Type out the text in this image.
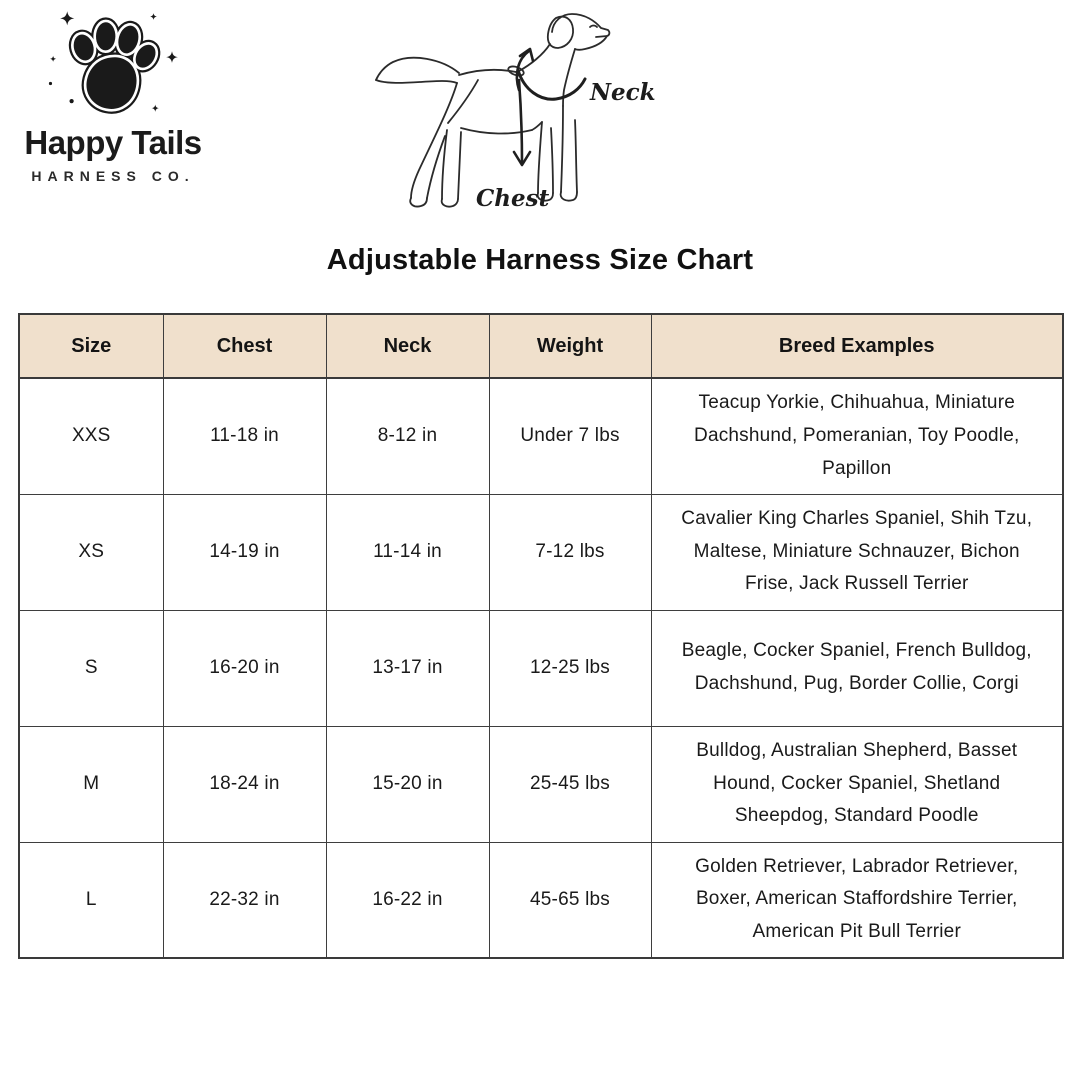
Happy Tails
HARNESS CO.
Neck
Chest
Adjustable Harness Size Chart
Size	Chest	Neck	Weight	Breed Examples
XXS	11-18 in	8-12 in	Under 7 lbs	Teacup Yorkie, Chihuahua, Miniature Dachshund, Pomeranian, Toy Poodle, Papillon
XS	14-19 in	11-14 in	7-12 lbs	Cavalier King Charles Spaniel, Shih Tzu, Maltese, Miniature Schnauzer, Bichon Frise, Jack Russell Terrier
S	16-20 in	13-17 in	12-25 lbs	Beagle, Cocker Spaniel, French Bulldog, Dachshund, Pug, Border Collie, Corgi
M	18-24 in	15-20 in	25-45 lbs	Bulldog, Australian Shepherd, Basset Hound, Cocker Spaniel, Shetland Sheepdog, Standard Poodle
L	22-32 in	16-22 in	45-65 lbs	Golden Retriever, Labrador Retriever, Boxer, American Staffordshire Terrier, American Pit Bull Terrier
